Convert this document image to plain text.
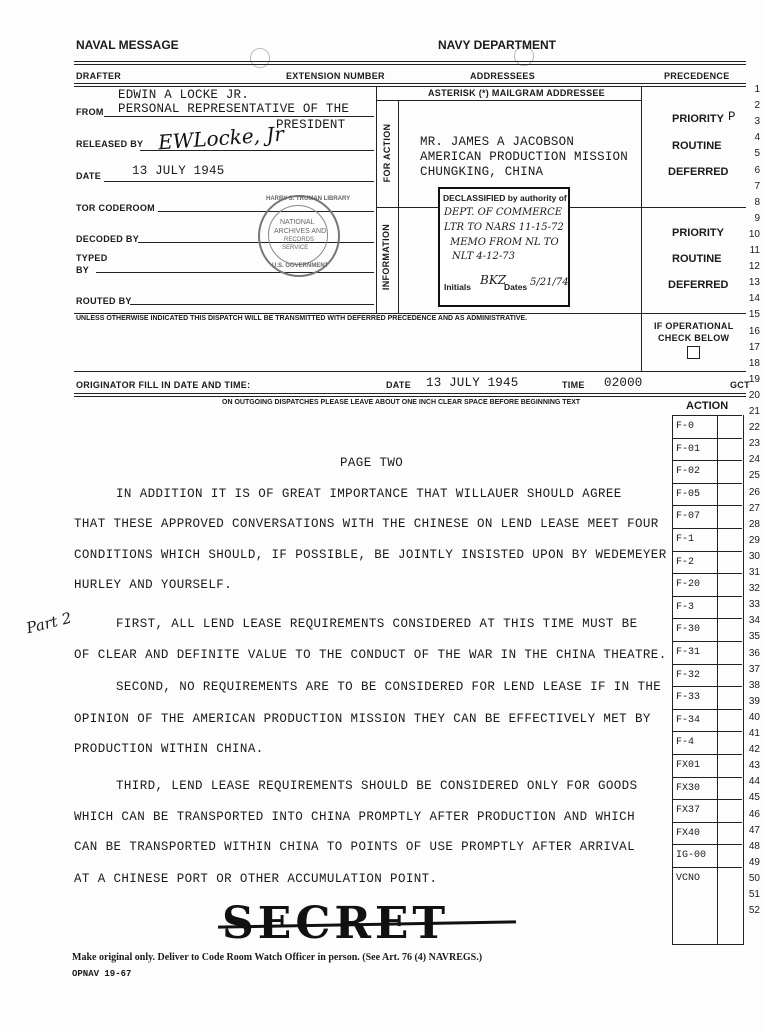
NAVAL MESSAGE	NAVY DEPARTMENT
DRAFTER	EXTENSION NUMBER	ADDRESSEES	PRECEDENCE
EDWIN A LOCKE JR.
FROM PERSONAL REPRESENTATIVE OF THE
PRESIDENT
RELEASED BY EWLocke, Jr
DATE 13 JULY 1945
TOR CODEROOM
DECODED BY
TYPED
BY
ROUTED BY
HARRY S. TRUMAN LIBRARY
NATIONAL
ARCHIVES AND
RECORDS
SERVICE
U.S. GOVERNMENT
ASTERISK (*) MAILGRAM ADDRESSEE
FOR ACTION
INFORMATION
MR. JAMES A JACOBSON
AMERICAN PRODUCTION MISSION
CHUNGKING, CHINA
DECLASSIFIED by authority of
DEPT. OF COMMERCE
LTR TO NARS 11-15-72
MEMO FROM NL TO
NLT 4-12-73
Initials BKZ
Dates 5/21/74
PRIORITY P
ROUTINE
DEFERRED
PRIORITY
ROUTINE
DEFERRED
UNLESS OTHERWISE INDICATED THIS DISPATCH WILL BE TRANSMITTED WITH DEFERRED PRECEDENCE AND AS ADMINISTRATIVE.
IF OPERATIONAL
CHECK BELOW
ORIGINATOR FILL IN DATE AND TIME:	DATE 13 JULY 1945	TIME 02000	GCT
ON OUTGOING DISPATCHES PLEASE LEAVE ABOUT ONE INCH CLEAR SPACE BEFORE BEGINNING TEXT	ACTION
F-0
F-01
F-02
F-05
F-07
F-1
F-2
F-20
F-3
F-30
F-31
F-32
F-33
F-34
F-4
FX01
FX30
FX37
FX40
IG-00
VCNO
1
2
3
4
5
6
7
8
9
10
11
12
13
14
15
16
17
18
19
20
21
22
23
24
25
26
27
28
29
30
31
32
33
34
35
36
37
38
39
40
41
42
43
44
45
46
47
48
49
50
51
52
PAGE TWO
IN ADDITION IT IS OF GREAT IMPORTANCE THAT WILLAUER SHOULD AGREE
THAT THESE APPROVED CONVERSATIONS WITH THE CHINESE ON LEND LEASE MEET FOUR
CONDITIONS WHICH SHOULD, IF POSSIBLE, BE JOINTLY INSISTED UPON BY WEDEMEYER
HURLEY AND YOURSELF.
FIRST, ALL LEND LEASE REQUIREMENTS CONSIDERED AT THIS TIME MUST BE
OF CLEAR AND DEFINITE VALUE TO THE CONDUCT OF THE WAR IN THE CHINA THEATRE.
SECOND, NO REQUIREMENTS ARE TO BE CONSIDERED FOR LEND LEASE IF IN THE
OPINION OF THE AMERICAN PRODUCTION MISSION THEY CAN BE EFFECTIVELY MET BY
PRODUCTION WITHIN CHINA.
THIRD, LEND LEASE REQUIREMENTS SHOULD BE CONSIDERED ONLY FOR GOODS
WHICH CAN BE TRANSPORTED INTO CHINA PROMPTLY AFTER PRODUCTION AND WHICH
CAN BE TRANSPORTED WITHIN CHINA TO POINTS OF USE PROMPTLY AFTER ARRIVAL
AT A CHINESE PORT OR OTHER ACCUMULATION POINT.
Part 2
SECRET
Make original only. Deliver to Code Room Watch Officer in person. (See Art. 76 (4) NAVREGS.)
OPNAV 19-67
